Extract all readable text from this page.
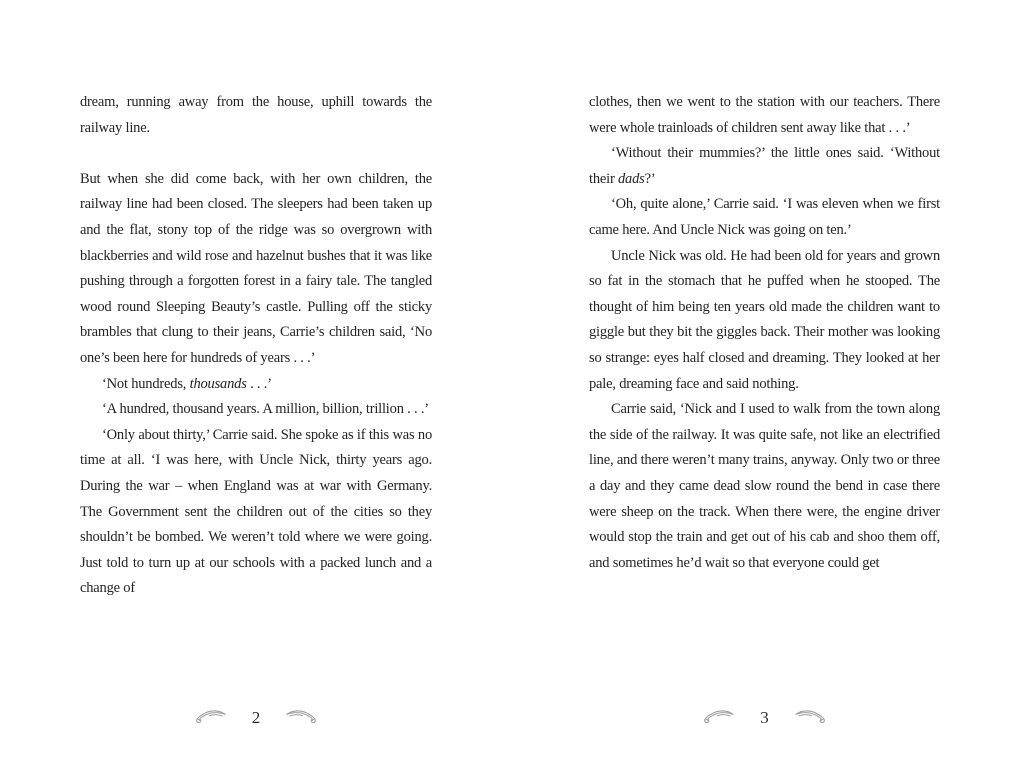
dream, running away from the house, uphill towards the railway line.

But when she did come back, with her own children, the railway line had been closed. The sleepers had been taken up and the flat, stony top of the ridge was so overgrown with blackberries and wild rose and hazelnut bushes that it was like pushing through a forgotten forest in a fairy tale. The tangled wood round Sleeping Beauty’s castle. Pulling off the sticky brambles that clung to their jeans, Carrie’s children said, ‘No one’s been here for hundreds of years . . .’

‘Not hundreds, thousands . . .’

‘A hundred, thousand years. A million, billion, trillion . . .’

‘Only about thirty,’ Carrie said. She spoke as if this was no time at all. ‘I was here, with Uncle Nick, thirty years ago. During the war – when England was at war with Germany. The Government sent the children out of the cities so they shouldn’t be bombed. We weren’t told where we were going. Just told to turn up at our schools with a packed lunch and a change of

2

clothes, then we went to the station with our teachers. There were whole trainloads of children sent away like that . . .’

‘Without their mummies?’ the little ones said. ‘Without their dads?’

‘Oh, quite alone,’ Carrie said. ‘I was eleven when we first came here. And Uncle Nick was going on ten.’

Uncle Nick was old. He had been old for years and grown so fat in the stomach that he puffed when he stooped. The thought of him being ten years old made the children want to giggle but they bit the giggles back. Their mother was looking so strange: eyes half closed and dreaming. They looked at her pale, dreaming face and said nothing.

Carrie said, ‘Nick and I used to walk from the town along the side of the railway. It was quite safe, not like an electrified line, and there weren’t many trains, anyway. Only two or three a day and they came dead slow round the bend in case there were sheep on the track. When there were, the engine driver would stop the train and get out of his cab and shoo them off, and sometimes he’d wait so that everyone could get

3
